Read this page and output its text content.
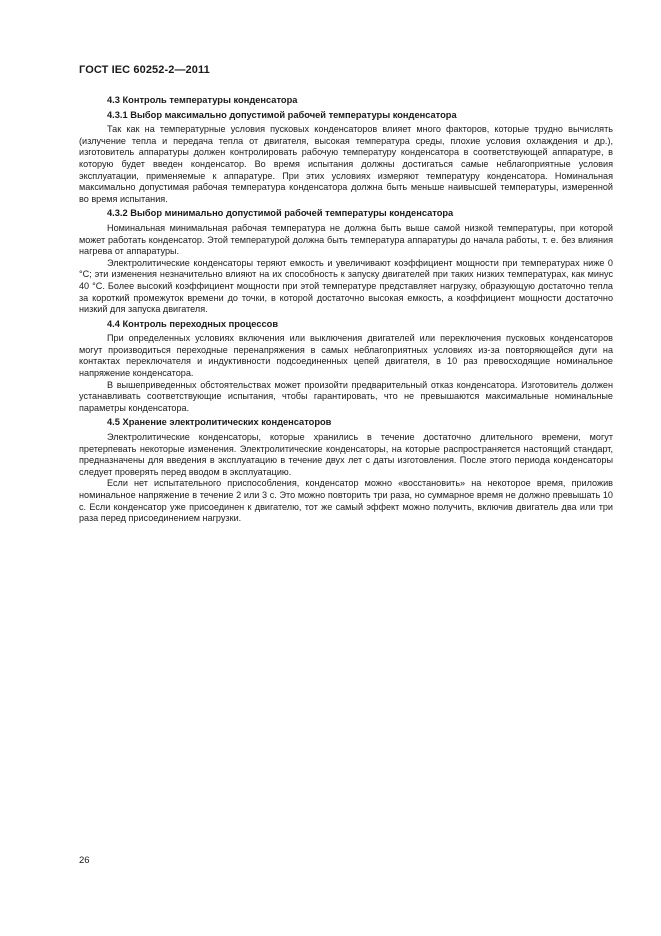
ГОСТ IEC 60252-2—2011
4.3 Контроль температуры конденсатора
4.3.1 Выбор максимально допустимой рабочей температуры конденсатора

Так как на температурные условия пусковых конденсаторов влияет много факторов, которые трудно вычислять (излучение тепла и передача тепла от двигателя, высокая температура среды, плохие условия охлаждения и др.), изготовитель аппаратуры должен контролировать рабочую температуру конденсатора в соответствующей аппаратуре, в которую будет введен конденсатор. Во время испытания должны достигаться самые неблагоприятные условия эксплуатации, применяемые к аппаратуре. При этих условиях измеряют температуру конденсатора. Номинальная максимально допустимая рабочая температура конденсатора должна быть меньше наивысшей температуры, измеренной во время испытания.

4.3.2 Выбор минимально допустимой рабочей температуры конденсатора

Номинальная минимальная рабочая температура не должна быть выше самой низкой температуры, при которой может работать конденсатор. Этой температурой должна быть температура аппаратуры до начала работы, т. е. без влияния нагрева от аппаратуры.

Электролитические конденсаторы теряют емкость и увеличивают коэффициент мощности при температурах ниже 0 °С; эти изменения незначительно влияют на их способность к запуску двигателей при таких низких температурах, как минус 40 °С. Более высокий коэффициент мощности при этой температуре представляет нагрузку, образующую достаточно тепла за короткий промежуток времени до точки, в которой достаточно высокая емкость, а коэффициент мощности достаточно низкий для запуска двигателя.

4.4 Контроль переходных процессов

При определенных условиях включения или выключения двигателей или переключения пусковых конденсаторов могут производиться переходные перенапряжения в самых неблагоприятных условиях из-за повторяющейся дуги на контактах переключателя и индуктивности подсоединенных цепей двигателя, в 10 раз превосходящие номинальное напряжение конденсатора.

В вышеприведенных обстоятельствах может произойти предварительный отказ конденсатора. Изготовитель должен устанавливать соответствующие испытания, чтобы гарантировать, что не превышаются максимальные номинальные параметры конденсатора.

4.5 Хранение электролитических конденсаторов

Электролитические конденсаторы, которые хранились в течение достаточно длительного времени, могут претерпевать некоторые изменения. Электролитические конденсаторы, на которые распространяется настоящий стандарт, предназначены для введения в эксплуатацию в течение двух лет с даты изготовления. После этого периода конденсаторы следует проверять перед вводом в эксплуатацию.

Если нет испытательного приспособления, конденсатор можно «восстановить» на некоторое время, приложив номинальное напряжение в течение 2 или 3 с. Это можно повторить три раза, но суммарное время не должно превышать 10 с. Если конденсатор уже присоединен к двигателю, тот же самый эффект можно получить, включив двигатель два или три раза перед присоединением нагрузки.

26
